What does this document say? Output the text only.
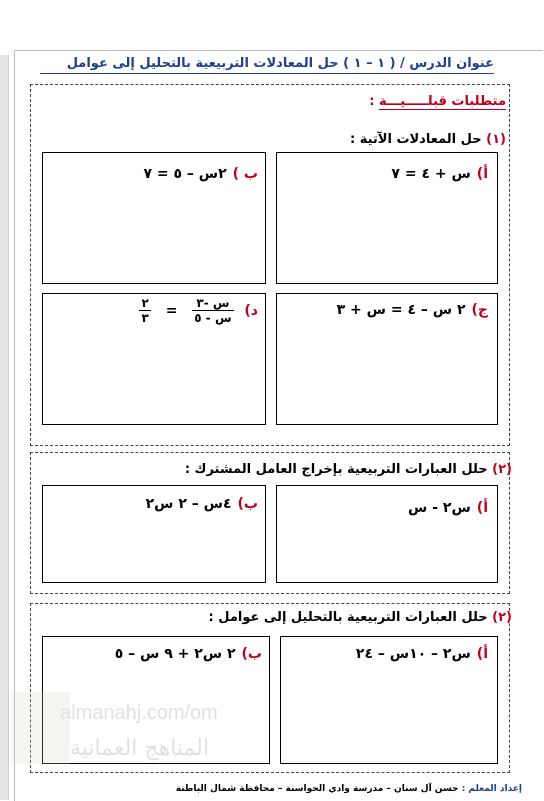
عنوان الدرس / ( ١ – ١ ) حل المعادلات التربيعية بالتحليل إلى عوامل
متطلبات قبلـــــيـــة :
(١) حل المعادلات الآتية :
أ)س + ٤ = ٧
ب )٢س – ٥ = ٧
ج)٢ س – ٤ = س + ٣
د)
$\frac{\text{س -٣}}{\text{س - ٥}}$
=
$\frac{٢}{٣}$
(٢) حلل العبارات التربيعية بإخراج العامل المشترك :
أ)س٢ - س
ب)٤س – ٢ س٢
(٢) حلل العبارات التربيعية بالتحليل إلى عوامل :
أ)س٢ – ١٠س – ٢٤
ب)٢ س٢ + ٩ س – ٥
almanahj.com/om
المناهج العمانية
إعداد المعلم : حسن آل سنان – مدرسة وادي الحواسنة – محافظة شمال الباطنة
